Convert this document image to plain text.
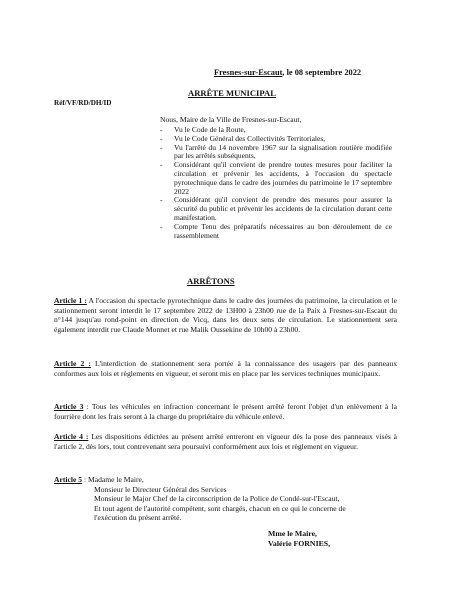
Fresnes-sur-Escaut, le 08 septembre 2022
Réf/VF/RD/DH/ID
ARRÊTE MUNICIPAL
Nous, Maire de la Ville de Fresnes-sur-Escaut,
- Vu le Code de la Route,
- Vu le Code Général des Collectivités Territoriales,
- Vu l'arrêté du 14 novembre 1967 sur la signalisation routière modifiée par les arrêtés subséquents,
- Considérant qu'il convient de prendre toutes mesures pour faciliter la circulation et prévenir les accidents, à l'occasion du spectacle pyrotechnique dans le cadre des journées du patrimoine le 17 septembre 2022
- Considérant qu'il convient de prendre des mesures pour assurer la sécurité du public et prévenir les accidents de la circulation durant cette manifestation.
- Compte Tenu des préparatifs nécessaires au bon déroulement de ce rassemblement
ARRÊTONS

Article 1 : A l'occasion du spectacle pyrotechnique dans le cadre des journées du patrimoine, la circulation et le stationnement seront interdit le 17 septembre 2022 de 13H00 à 23h00 rue de la Paix à Fresnes-sur-Escaut du n°144 jusqu'au rond-point en direction de Vicq, dans les deux sens de circulation. Le stationnement sera également interdit rue Claude Monnet et rue Malik Oussekine de 10h00 à 23h00.

Article 2 : L'interdiction de stationnement sera portée à la connaissance des usagers par des panneaux conformes aux lois et règlements en vigueur, et seront mis en place par les services techniques municipaux.

Article 3 : Tous les véhicules en infraction concernant le présent arrêté feront l'objet d'un enlèvement à la fourrière dont les frais seront à la charge du propriétaire du véhicule enlevé.

Article 4 : Les dispositions édictées au présent arrêté entreront en vigueur dès la pose des panneaux visés à l'article 2, dès lors, tout contrevenant sera poursuivi conformément aux lois et règlement en vigueur.

Article 5 : Madame le Maire,
Monsieur le Directeur Général des Services
Monsieur le Major Chef de la circonscription de la Police de Condé-sur-l'Escaut,
Et tout agent de l'autorité compétent, sont chargés, chacun en ce qui le concerne de
l'exécution du présent arrêté.
Mme le Maire,
Valérie FORNIES,
